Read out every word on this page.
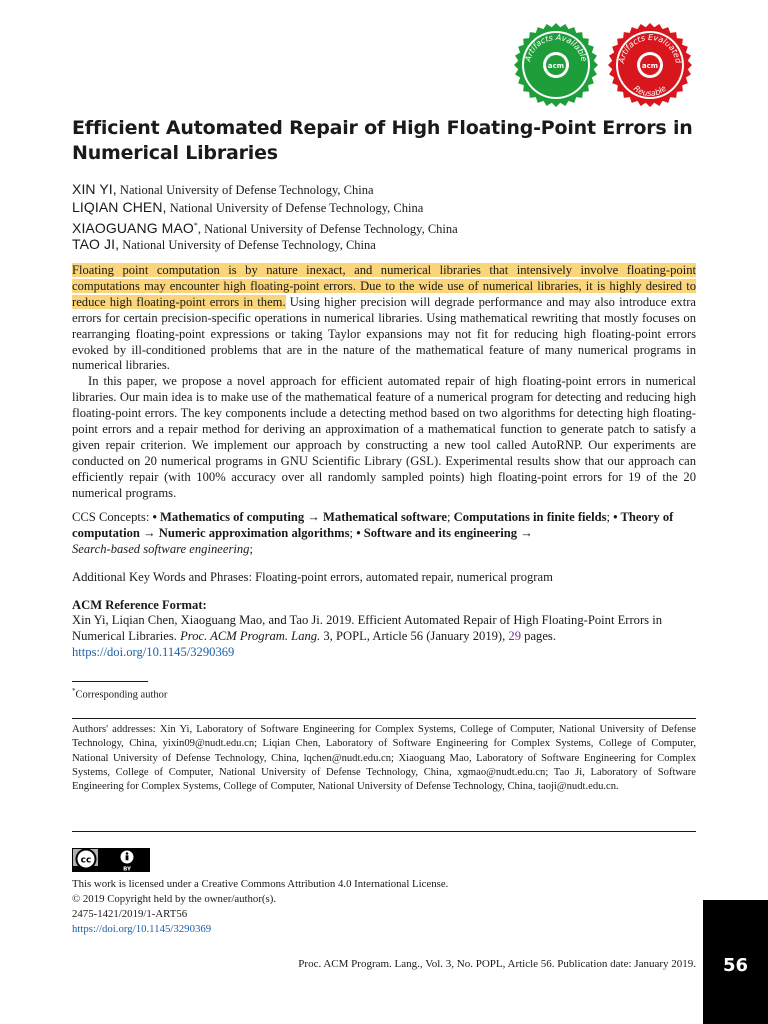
acm
Artifacts Available
acm
Artifacts Evaluated
Reusable
Efficient Automated Repair of High Floating-Point Errors in Numerical Libraries
XIN YI, National University of Defense Technology, China
LIQIAN CHEN, National University of Defense Technology, China
XIAOGUANG MAO*, National University of Defense Technology, China
TAO JI, National University of Defense Technology, China

Floating point computation is by nature inexact, and numerical libraries that intensively involve floating-point computations may encounter high floating-point errors. Due to the wide use of numerical libraries, it is highly desired to reduce high floating-point errors in them. Using higher precision will degrade performance and may also introduce extra errors for certain precision-specific operations in numerical libraries. Using mathematical rewriting that mostly focuses on rearranging floating-point expressions or taking Taylor expansions may not fit for reducing high floating-point errors evoked by ill-conditioned problems that are in the nature of the mathematical feature of many numerical programs in numerical libraries.

In this paper, we propose a novel approach for efficient automated repair of high floating-point errors in numerical libraries. Our main idea is to make use of the mathematical feature of a numerical program for detecting and reducing high floating-point errors. The key components include a detecting method based on two algorithms for detecting high floating-point errors and a repair method for deriving an approximation of a mathematical function to generate patch to satisfy a given repair criterion. We implement our approach by constructing a new tool called AutoRNP. Our experiments are conducted on 20 numerical programs in GNU Scientific Library (GSL). Experimental results show that our approach can efficiently repair (with 100% accuracy over all randomly sampled points) high floating-point errors for 19 of the 20 numerical programs.

CCS Concepts: • Mathematics of computing → Mathematical software; Computations in finite fields; • Theory of computation → Numeric approximation algorithms; • Software and its engineering →
Search-based software engineering;
Additional Key Words and Phrases: Floating-point errors, automated repair, numerical program
ACM Reference Format:
Xin Yi, Liqian Chen, Xiaoguang Mao, and Tao Ji. 2019. Efficient Automated Repair of High Floating-Point Errors in Numerical Libraries. Proc. ACM Program. Lang. 3, POPL, Article 56 (January 2019), 29 pages. https://doi.org/10.1145/3290369
*Corresponding author
Authors' addresses: Xin Yi, Laboratory of Software Engineering for Complex Systems, College of Computer, National University of Defense Technology, China, yixin09@nudt.edu.cn; Liqian Chen, Laboratory of Software Engineering for Complex Systems, College of Computer, National University of Defense Technology, China, lqchen@nudt.edu.cn; Xiaoguang Mao, Laboratory of Software Engineering for Complex Systems, College of Computer, National University of Defense Technology, China, xgmao@nudt.edu.cn; Tao Ji, Laboratory of Software Engineering for Complex Systems, College of Computer, National University of Defense Technology, China, taoji@nudt.edu.cn.
cc
BY
This work is licensed under a Creative Commons Attribution 4.0 International License.
© 2019 Copyright held by the owner/author(s).
2475-1421/2019/1-ART56
https://doi.org/10.1145/3290369
Proc. ACM Program. Lang., Vol. 3, No. POPL, Article 56. Publication date: January 2019.	56
